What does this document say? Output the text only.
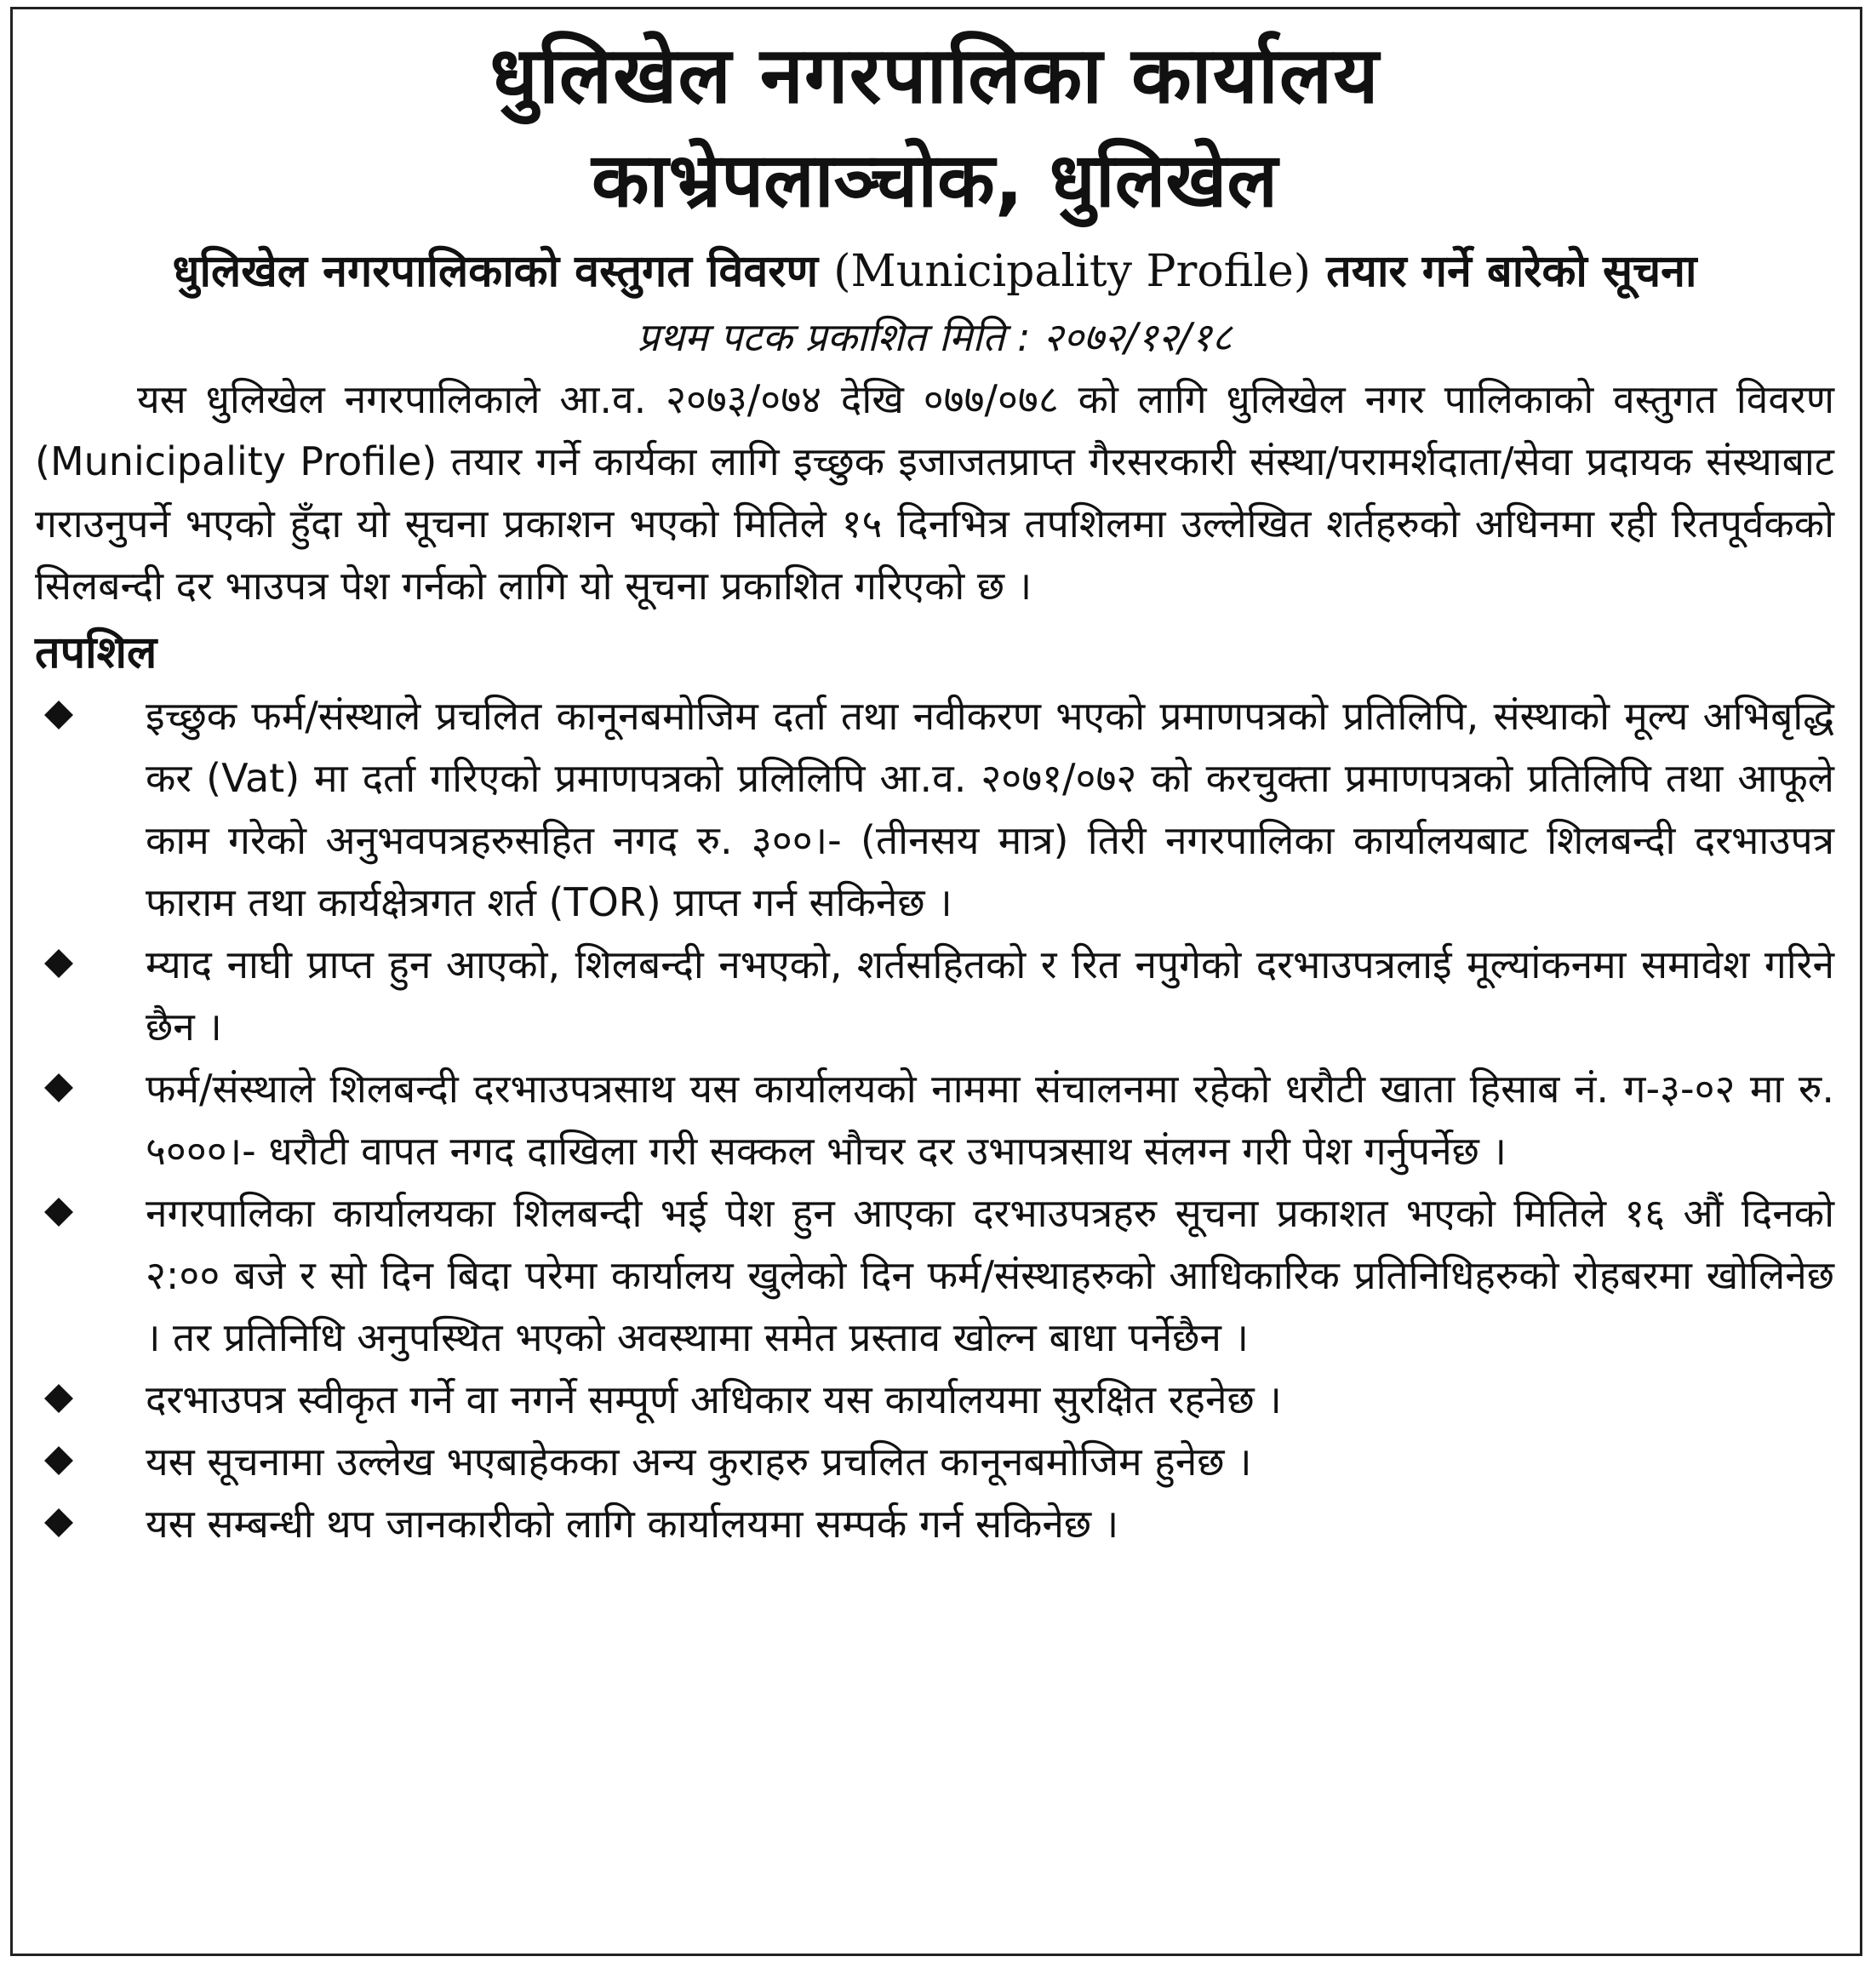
धुलिखेल नगरपालिका कार्यालय
काभ्रेपलाञ्चोक, धुलिखेल
धुलिखेल नगरपालिकाको वस्तुगत विवरण (Municipality Profile) तयार गर्ने बारेको सूचना
प्रथम पटक प्रकाशित मिति : २०७२/१२/१८

यस धुलिखेल नगरपालिकाले आ.व. २०७३/०७४ देखि ०७७/०७८ को लागि धुलिखेल नगर पालिकाको वस्तुगत विवरण (Municipality Profile) तयार गर्ने कार्यका लागि इच्छुक इजाजतप्राप्त गैरसरकारी संस्था/परामर्शदाता/सेवा प्रदायक संस्थाबाट गराउनुपर्ने भएको हुँदा यो सूचना प्रकाशन भएको मितिले १५ दिनभित्र तपशिलमा उल्लेखित शर्तहरुको अधिनमा रही रितपूर्वकको सिलबन्दी दर भाउपत्र पेश गर्नको लागि यो सूचना प्रकाशित गरिएको छ ।

तपशिल
इच्छुक फर्म/संस्थाले प्रचलित कानूनबमोजिम दर्ता तथा नवीकरण भएको प्रमाणपत्रको प्रतिलिपि, संस्थाको मूल्य अभिबृद्धि कर (Vat) मा दर्ता गरिएको प्रमाणपत्रको प्रलिलिपि आ.व. २०७१/०७२ को करचुक्ता प्रमाणपत्रको प्रतिलिपि तथा आफूले काम गरेको अनुभवपत्रहरुसहित नगद रु. ३००।- (तीनसय मात्र) तिरी नगरपालिका कार्यालयबाट शिलबन्दी दरभाउपत्र फाराम तथा कार्यक्षेत्रगत शर्त (TOR) प्राप्त गर्न सकिनेछ ।
म्याद नाघी प्राप्त हुन आएको, शिलबन्दी नभएको, शर्तसहितको र रित नपुगेको दरभाउपत्रलाई मूल्यांकनमा समावेश गरिने छैन ।
फर्म/संस्थाले शिलबन्दी दरभाउपत्रसाथ यस कार्यालयको नाममा संचालनमा रहेको धरौटी खाता हिसाब नं. ग-३-०२ मा रु. ५०००।- धरौटी वापत नगद दाखिला गरी सक्कल भौचर दर उभापत्रसाथ संलग्न गरी पेश गर्नुपर्नेछ ।
नगरपालिका कार्यालयका शिलबन्दी भई पेश हुन आएका दरभाउपत्रहरु सूचना प्रकाशत भएको मितिले १६ औं दिनको २:०० बजे र सो दिन बिदा परेमा कार्यालय खुलेको दिन फर्म/संस्थाहरुको आधिकारिक प्रतिनिधिहरुको रोहबरमा खोलिनेछ । तर प्रतिनिधि अनुपस्थित भएको अवस्थामा समेत प्रस्ताव खोल्न बाधा पर्नेछैन ।
दरभाउपत्र स्वीकृत गर्ने वा नगर्ने सम्पूर्ण अधिकार यस कार्यालयमा सुरक्षित रहनेछ ।
यस सूचनामा उल्लेख भएबाहेकका अन्य कुराहरु प्रचलित कानूनबमोजिम हुनेछ ।
यस सम्बन्धी थप जानकारीको लागि कार्यालयमा सम्पर्क गर्न सकिनेछ ।
